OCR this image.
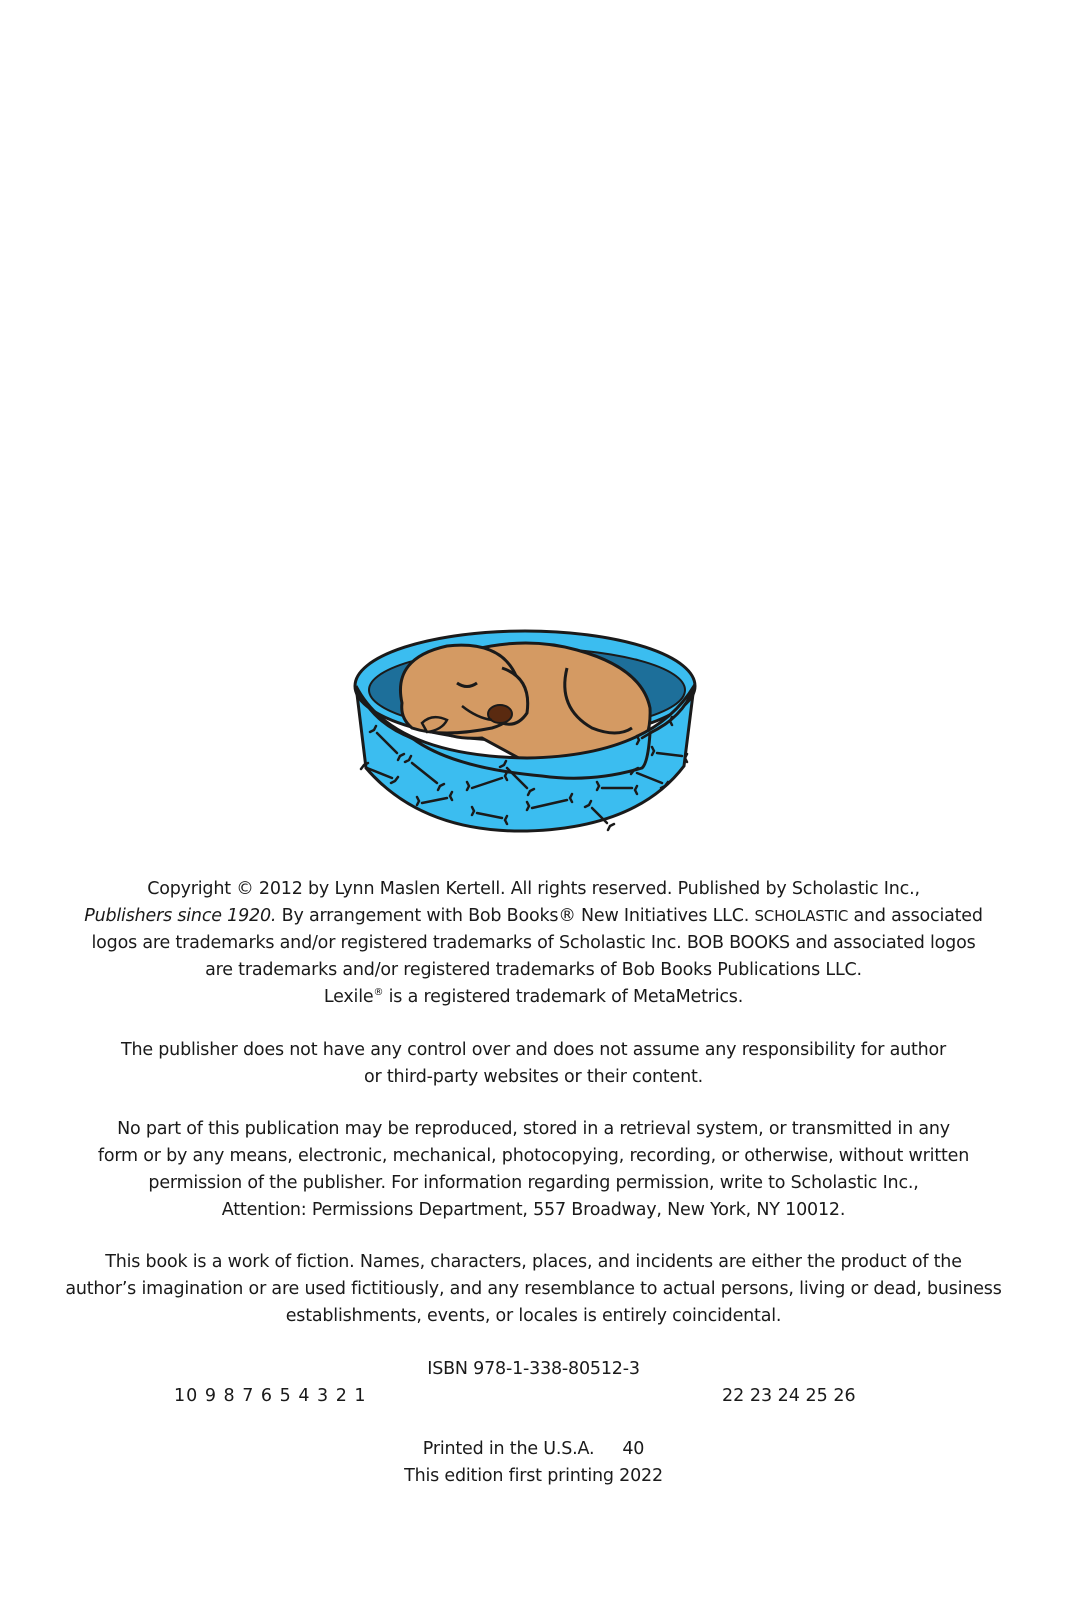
Copyright © 2012 by Lynn Maslen Kertell. All rights reserved. Published by Scholastic Inc.,
Publishers since 1920. By arrangement with Bob Books® New Initiatives LLC. SCHOLASTIC and associated
logos are trademarks and/or registered trademarks of Scholastic Inc. BOB BOOKS and associated logos
are trademarks and/or registered trademarks of Bob Books Publications LLC.
Lexile® is a registered trademark of MetaMetrics.
The publisher does not have any control over and does not assume any responsibility for author
or third-party websites or their content.
No part of this publication may be reproduced, stored in a retrieval system, or transmitted in any
form or by any means, electronic, mechanical, photocopying, recording, or otherwise, without written
permission of the publisher. For information regarding permission, write to Scholastic Inc.,
Attention: Permissions Department, 557 Broadway, New York, NY 10012.
This book is a work of fiction. Names, characters, places, and incidents are either the product of the
author’s imagination or are used fictitiously, and any resemblance to actual persons, living or dead, business
establishments, events, or locales is entirely coincidental.
ISBN 978-1-338-80512-3
10 9 8 7 6 5 4 3 2 1	22 23 24 25 26
Printed in the U.S.A. 40
This edition first printing 2022
